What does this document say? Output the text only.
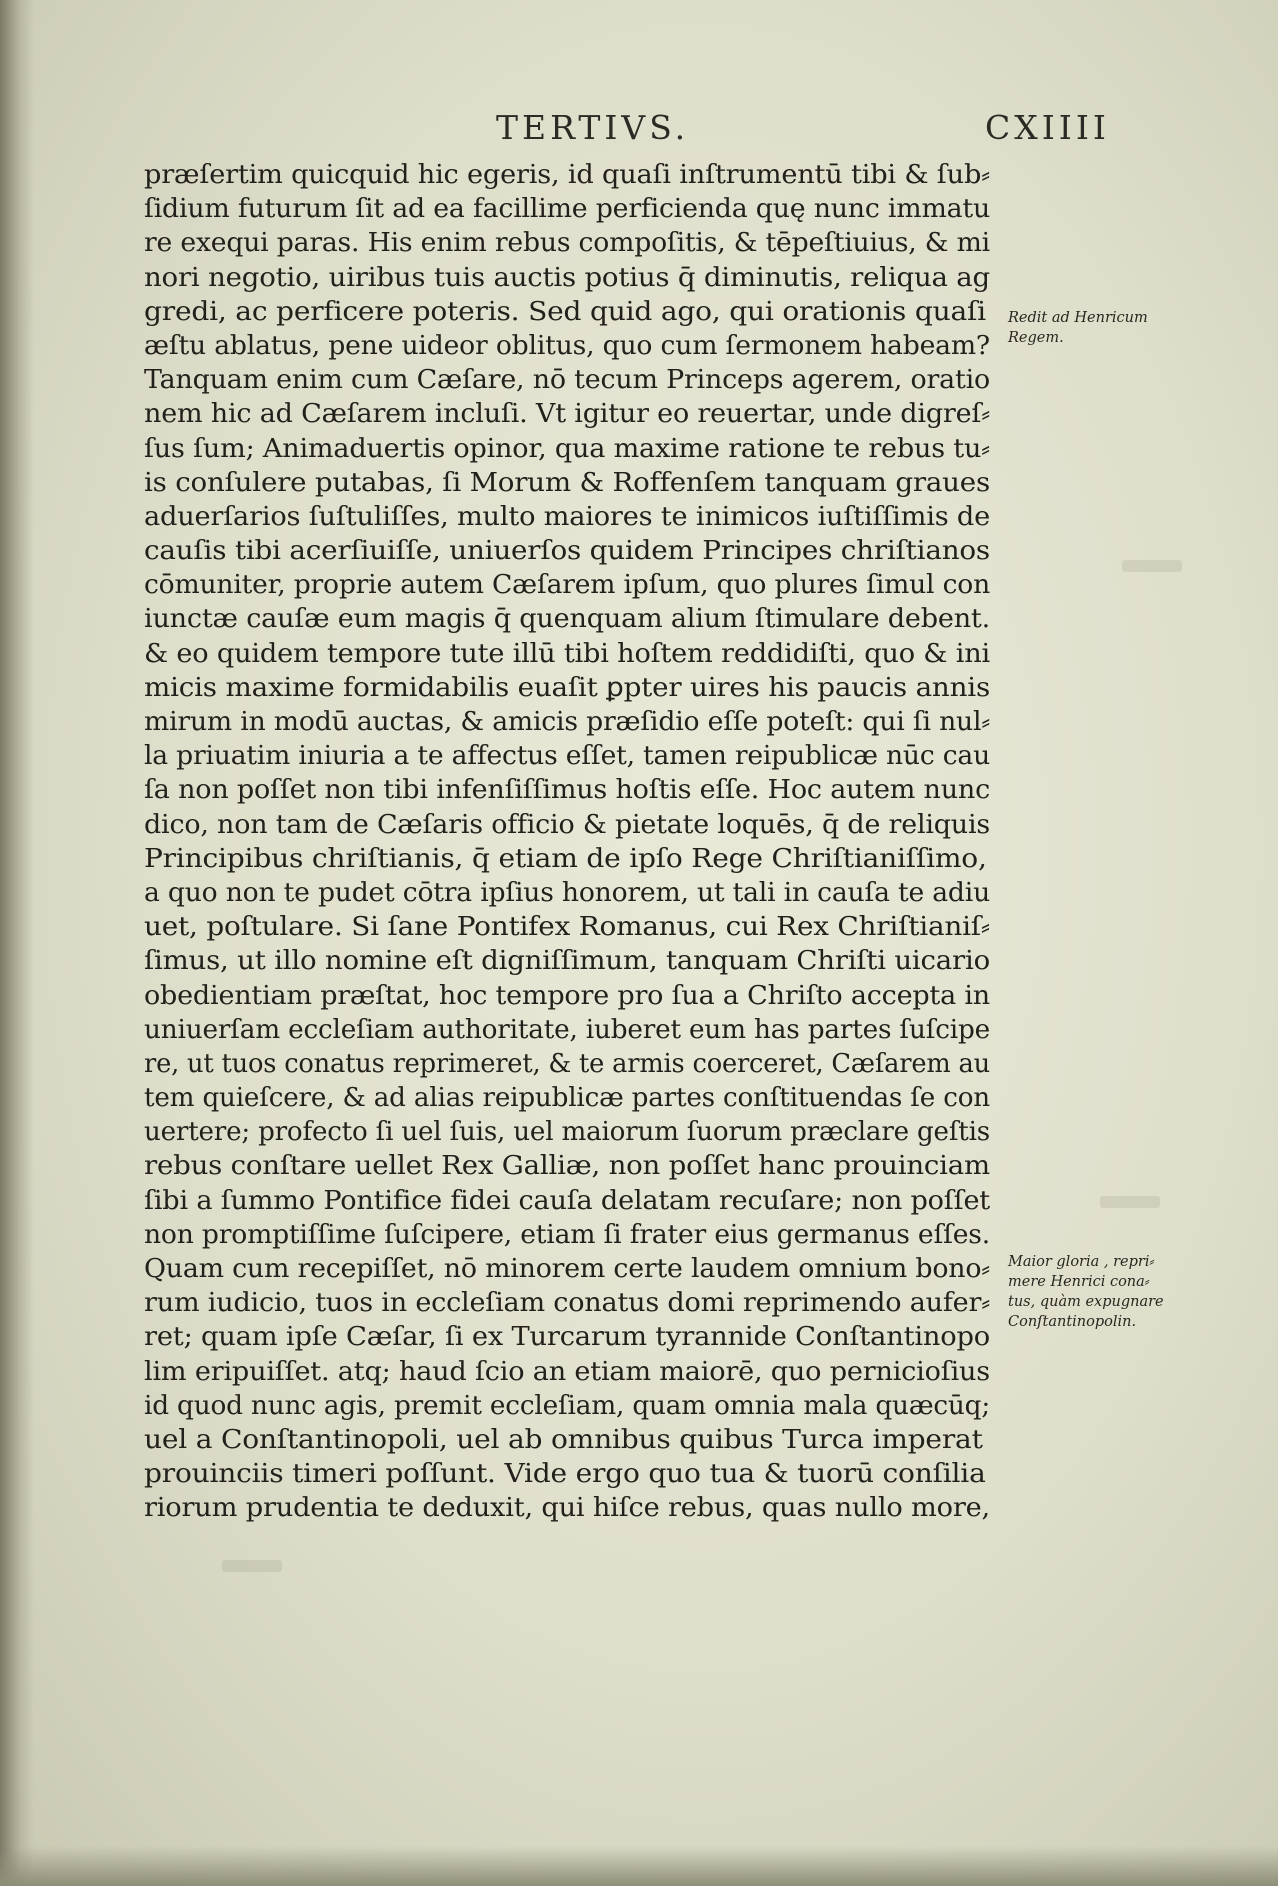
TERTIVS.	CXIIII
præſertim quicquid hic egeris, id quaſi inſtrumentū tibi & ſub⸗
ſidium futurum ſit ad ea facillime perficienda quę nunc immatu
re exequi paras. His enim rebus compoſitis, & tēpeſtiuius, & mi
nori negotio, uiribus tuis auctis potius q̄ diminutis, reliqua ag
gredi, ac perficere poteris. Sed quid ago, qui orationis quaſi
æſtu ablatus, pene uideor oblitus, quo cum ſermonem habeam?
Tanquam enim cum Cæſare, nō tecum Princeps agerem, oratio
nem hic ad Cæſarem incluſi. Vt igitur eo reuertar, unde digreſ⸗
ſus ſum; Animaduertis opinor, qua maxime ratione te rebus tu⸗
is conſulere putabas, ſi Morum & Roffenſem tanquam graues
aduerſarios ſuſtuliſſes, multo maiores te inimicos iuſtiſſimis de
cauſis tibi acerſiuiſſe, uniuerſos quidem Principes chriſtianos
cōmuniter, proprie autem Cæſarem ipſum, quo plures ſimul con
iunctæ cauſæ eum magis q̄ quenquam alium ſtimulare debent.
& eo quidem tempore tute illū tibi hoſtem reddidiſti, quo & ini
micis maxime formidabilis euaſit ꝑpter uires his paucis annis
mirum in modū auctas, & amicis præſidio eſſe poteſt: qui ſi nul⸗
la priuatim iniuria a te affectus eſſet, tamen reipublicæ nūc cau
ſa non poſſet non tibi infenſiſſimus hoſtis eſſe. Hoc autem nunc
dico, non tam de Cæſaris officio & pietate loquēs, q̄ de reliquis
Principibus chriſtianis, q̄ etiam de ipſo Rege Chriſtianiſſimo,
a quo non te pudet cōtra ipſius honorem, ut tali in cauſa te adiu
uet, poſtulare. Si ſane Pontifex Romanus, cui Rex Chriſtianiſ⸗
ſimus, ut illo nomine eſt digniſſimum, tanquam Chriſti uicario
obedientiam præſtat, hoc tempore pro ſua a Chriſto accepta in
uniuerſam eccleſiam authoritate, iuberet eum has partes ſuſcipe
re, ut tuos conatus reprimeret, & te armis coerceret, Cæſarem au
tem quieſcere, & ad alias reipublicæ partes conſtituendas ſe con
uertere; profecto ſi uel ſuis, uel maiorum ſuorum præclare geſtis
rebus conſtare uellet Rex Galliæ, non poſſet hanc prouinciam
ſibi a ſummo Pontifice fidei cauſa delatam recuſare; non poſſet
non promptiſſime ſuſcipere, etiam ſi frater eius germanus eſſes.
Quam cum recepiſſet, nō minorem certe laudem omnium bono⸗
rum iudicio, tuos in eccleſiam conatus domi reprimendo aufer⸗
ret; quam ipſe Cæſar, ſi ex Turcarum tyrannide Conſtantinopo
lim eripuiſſet. atq; haud ſcio an etiam maiorē, quo pernicioſius
id quod nunc agis, premit eccleſiam, quam omnia mala quæcūq;
uel a Conſtantinopoli, uel ab omnibus quibus Turca imperat
prouinciis timeri poſſunt. Vide ergo quo tua & tuorū conſilia
riorum prudentia te deduxit, qui hiſce rebus, quas nullo more,
Redit ad Henricum
Regem.
Maior gloria , repri⸗
mere Henrici cona⸗
tus, quàm expugnare
Conſtantinopolin.
